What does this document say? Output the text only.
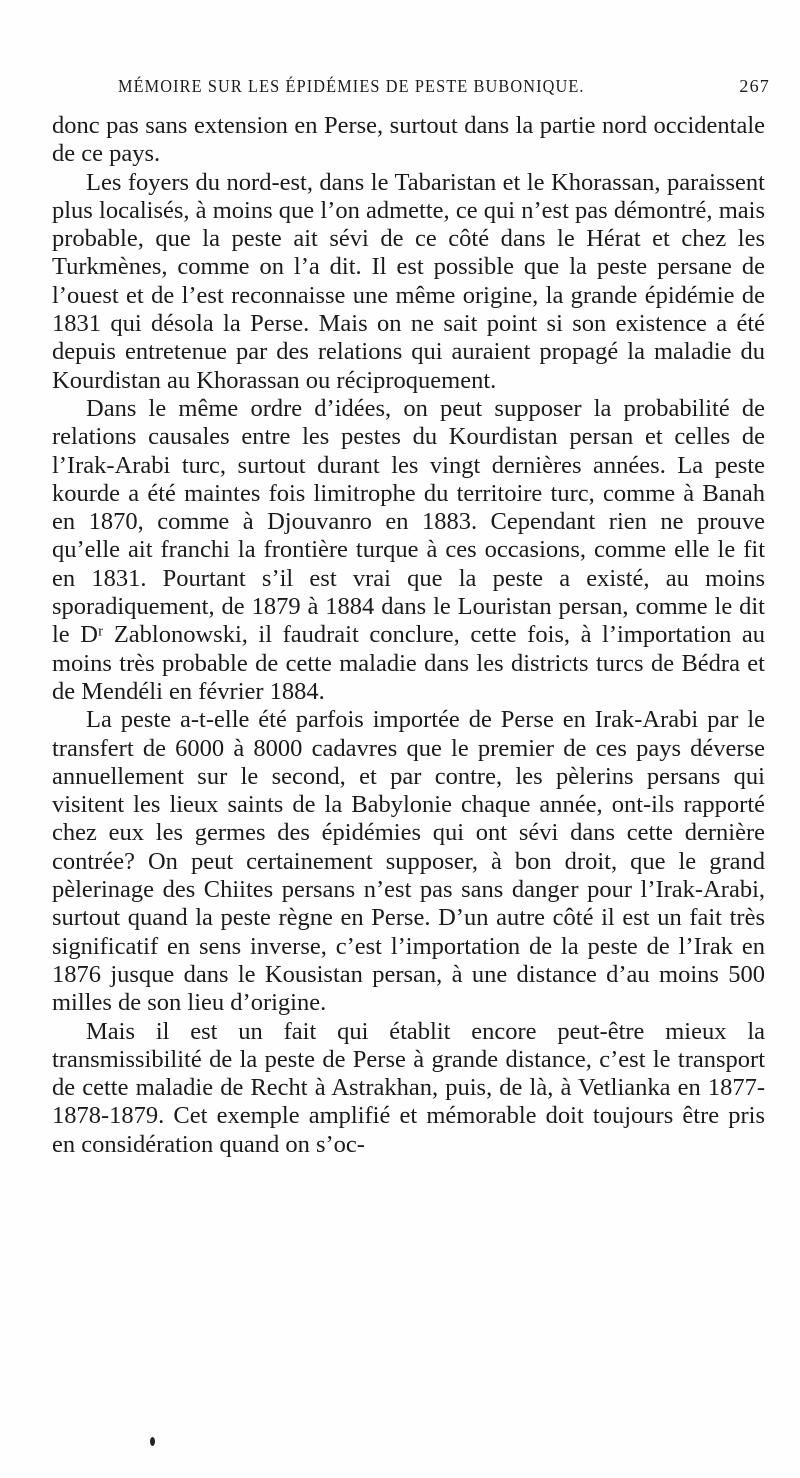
MÉMOIRE SUR LES ÉPIDÉMIES DE PESTE BUBONIQUE.	267

donc pas sans extension en Perse, surtout dans la partie nord occidentale de ce pays.

Les foyers du nord-est, dans le Tabaristan et le Khorassan, paraissent plus localisés, à moins que l’on admette, ce qui n’est pas démontré, mais probable, que la peste ait sévi de ce côté dans le Hérat et chez les Turkmènes, comme on l’a dit. Il est possible que la peste persane de l’ouest et de l’est reconnaisse une même origine, la grande épidémie de 1831 qui désola la Perse. Mais on ne sait point si son existence a été depuis entretenue par des relations qui auraient propagé la maladie du Kourdistan au Khorassan ou réciproquement.

Dans le même ordre d’idées, on peut supposer la probabilité de relations causales entre les pestes du Kourdistan persan et celles de l’Irak-Arabi turc, surtout durant les vingt dernières années. La peste kourde a été maintes fois limitrophe du territoire turc, comme à Banah en 1870, comme à Djouvanro en 1883. Cependant rien ne prouve qu’elle ait franchi la frontière turque à ces occasions, comme elle le fit en 1831. Pourtant s’il est vrai que la peste a existé, au moins sporadiquement, de 1879 à 1884 dans le Louristan persan, comme le dit le Dʳ Zablonowski, il faudrait conclure, cette fois, à l’importation au moins très probable de cette maladie dans les districts turcs de Bédra et de Mendéli en février 1884.

La peste a-t-elle été parfois importée de Perse en Irak-Arabi par le transfert de 6000 à 8000 cadavres que le premier de ces pays déverse annuellement sur le second, et par contre, les pèlerins persans qui visitent les lieux saints de la Babylonie chaque année, ont-ils rapporté chez eux les germes des épidémies qui ont sévi dans cette dernière contrée? On peut certainement supposer, à bon droit, que le grand pèlerinage des Chiites persans n’est pas sans danger pour l’Irak-Arabi, surtout quand la peste règne en Perse. D’un autre côté il est un fait très significatif en sens inverse, c’est l’importation de la peste de l’Irak en 1876 jusque dans le Kousistan persan, à une distance d’au moins 500 milles de son lieu d’origine.

Mais il est un fait qui établit encore peut-être mieux la transmissibilité de la peste de Perse à grande distance, c’est le transport de cette maladie de Recht à Astrakhan, puis, de là, à Vetlianka en 1877-1878-1879. Cet exemple amplifié et mémorable doit toujours être pris en considération quand on s’oc-
